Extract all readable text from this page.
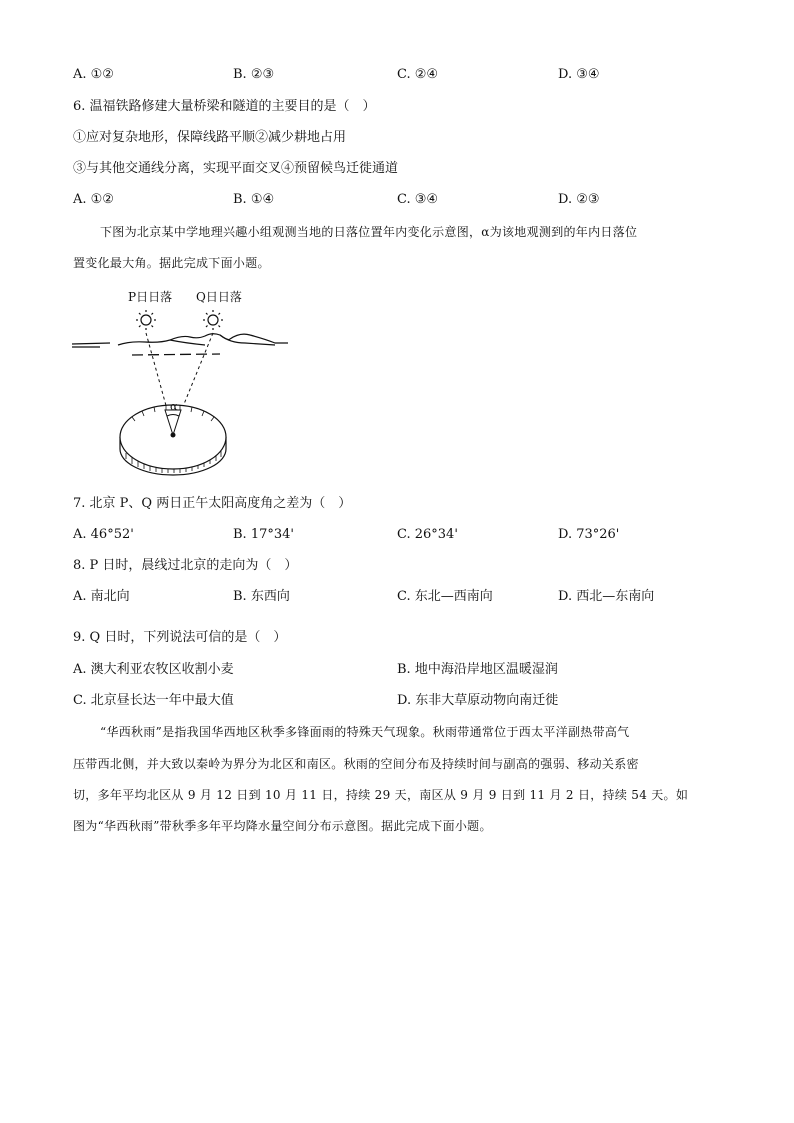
A. ①②	B. ②③	C. ②④	D. ③④
6. 温福铁路修建大量桥梁和隧道的主要目的是（　）
①应对复杂地形，保障线路平顺②减少耕地占用
③与其他交通线分离，实现平面交叉④预留候鸟迁徙通道
A. ①②	B. ①④	C. ③④	D. ②③
下图为北京某中学地理兴趣小组观测当地的日落位置年内变化示意图，α为该地观测到的年内日落位
置变化最大角。据此完成下面小题。
P日日落 Q日日落
α
7. 北京 P、Q 两日正午太阳高度角之差为（　）
A. 46°52'	B. 17°34'	C. 26°34'	D. 73°26'
8. P 日时，晨线过北京的走向为（　）
A. 南北向	B. 东西向	C. 东北—西南向	D. 西北—东南向
9. Q 日时，下列说法可信的是（　）
A. 澳大利亚农牧区收割小麦	B. 地中海沿岸地区温暖湿润
C. 北京昼长达一年中最大值	D. 东非大草原动物向南迁徙
“华西秋雨”是指我国华西地区秋季多锋面雨的特殊天气现象。秋雨带通常位于西太平洋副热带高气
压带西北侧，并大致以秦岭为界分为北区和南区。秋雨的空间分布及持续时间与副高的强弱、移动关系密
切，多年平均北区从 9 月 12 日到 10 月 11 日，持续 29 天，南区从 9 月 9 日到 11 月 2 日，持续 54 天。如
图为“华西秋雨”带秋季多年平均降水量空间分布示意图。据此完成下面小题。
